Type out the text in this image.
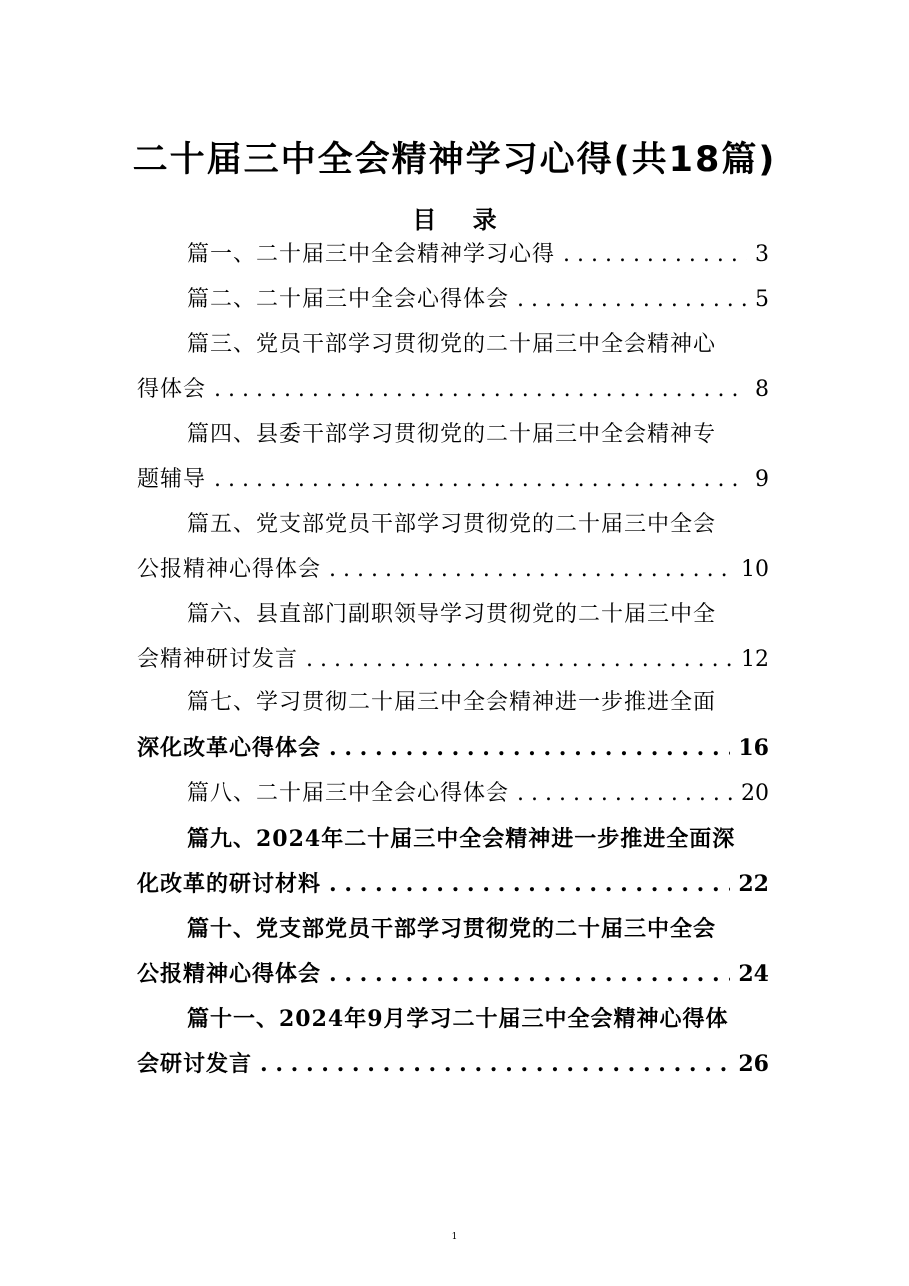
二十届三中全会精神学习心得(共18篇)
目 录
篇一、二十届三中全会精神学习心得 . . .	3
篇二、二十届三中全会心得体会 . . .	5
篇三、党员干部学习贯彻党的二十届三中全会精神心
得体会 . . .	8
篇四、县委干部学习贯彻党的二十届三中全会精神专
题辅导 . . .	9
篇五、党支部党员干部学习贯彻党的二十届三中全会
公报精神心得体会 . . .	10
篇六、县直部门副职领导学习贯彻党的二十届三中全
会精神研讨发言 . . .	12
篇七、学习贯彻二十届三中全会精神进一步推进全面
深化改革心得体会 . . .	16
篇八、二十届三中全会心得体会 . . .	20
篇九、2024年二十届三中全会精神进一步推进全面深
化改革的研讨材料 . . .	22
篇十、党支部党员干部学习贯彻党的二十届三中全会
公报精神心得体会 . . .	24
篇十一、2024年9月学习二十届三中全会精神心得体
会研讨发言 . . .	26
1
